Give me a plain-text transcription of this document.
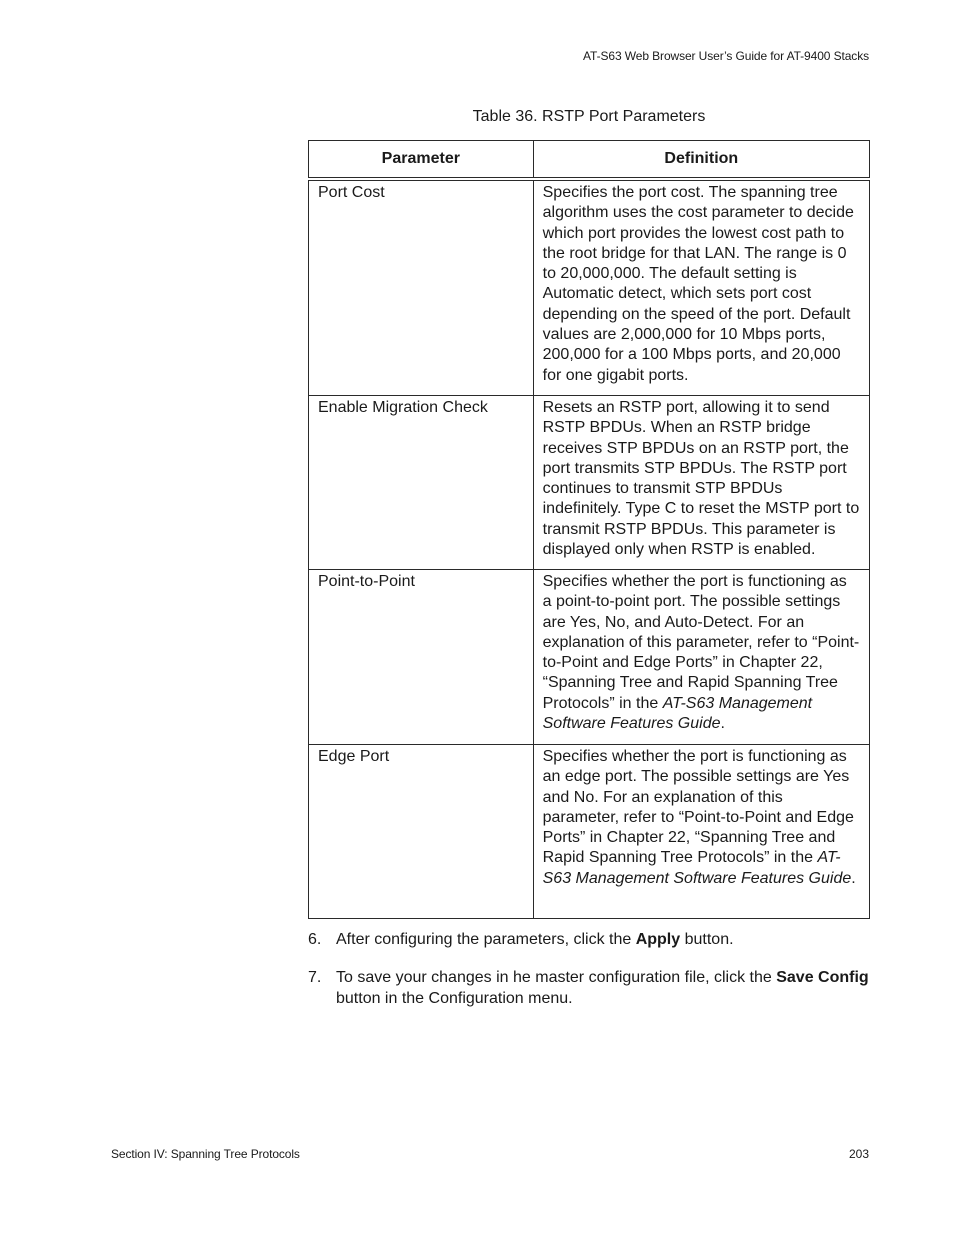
AT-S63 Web Browser User’s Guide for AT-9400 Stacks
Table 36. RSTP Port Parameters
Parameter	Definition
Port Cost	Specifies the port cost. The spanning tree algorithm uses the cost parameter to decide which port provides the lowest cost path to the root bridge for that LAN. The range is 0 to 20,000,000. The default setting is Automatic detect, which sets port cost depending on the speed of the port. Default values are 2,000,000 for 10 Mbps ports, 200,000 for a 100 Mbps ports, and 20,000 for one gigabit ports.
Enable Migration Check	Resets an RSTP port, allowing it to send RSTP BPDUs. When an RSTP bridge receives STP BPDUs on an RSTP port, the port transmits STP BPDUs. The RSTP port continues to transmit STP BPDUs indefinitely. Type C to reset the MSTP port to transmit RSTP BPDUs. This parameter is displayed only when RSTP is enabled.
Point-to-Point	Specifies whether the port is functioning as a point-to-point port. The possible settings are Yes, No, and Auto-Detect. For an explanation of this parameter, refer to “Point-to-Point and Edge Ports” in Chapter 22, “Spanning Tree and Rapid Spanning Tree Protocols” in the AT-S63 Management Software Features Guide.
Edge Port	Specifies whether the port is functioning as an edge port. The possible settings are Yes and No. For an explanation of this parameter, refer to “Point-to-Point and Edge Ports” in Chapter 22, “Spanning Tree and Rapid Spanning Tree Protocols” in the AT-S63 Management Software Features Guide.
6. After configuring the parameters, click the Apply button.
7. To save your changes in he master configuration file, click the Save Config button in the Configuration menu.
Section IV: Spanning Tree Protocols	203
